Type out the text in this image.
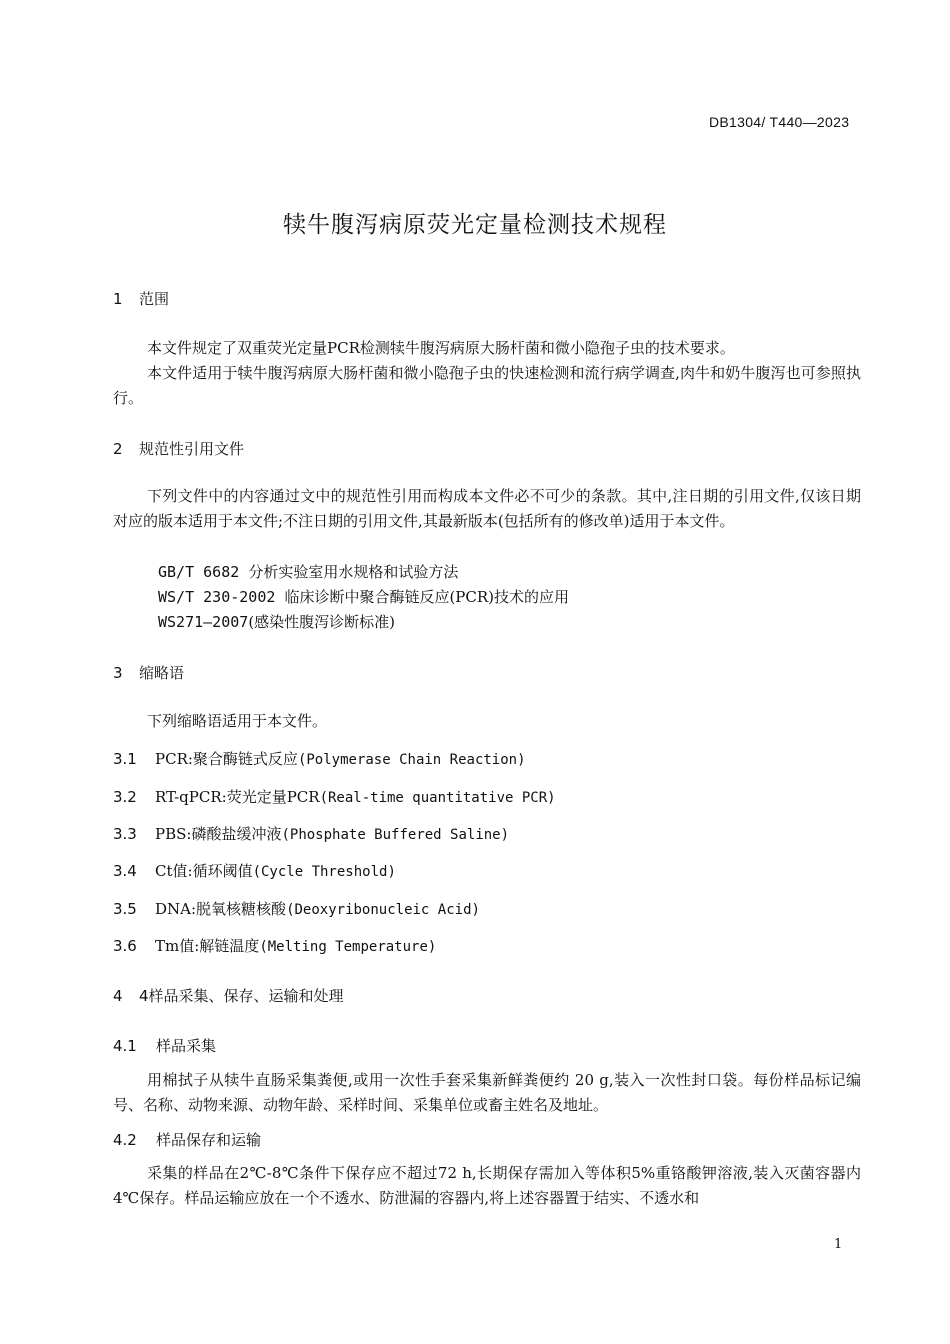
DB1304/ T440—2023
犊牛腹泻病原荧光定量检测技术规程
1 范围
本文件规定了双重荧光定量PCR检测犊牛腹泻病原大肠杆菌和微小隐孢子虫的技术要求。
本文件适用于犊牛腹泻病原大肠杆菌和微小隐孢子虫的快速检测和流行病学调查,肉牛和奶牛腹泻也可参照执行。
2 规范性引用文件
下列文件中的内容通过文中的规范性引用而构成本文件必不可少的条款。其中,注日期的引用文件,仅该日期对应的版本适用于本文件;不注日期的引用文件,其最新版本(包括所有的修改单)适用于本文件。
GB/T 6682 分析实验室用水规格和试验方法
WS/T 230-2002 临床诊断中聚合酶链反应(PCR)技术的应用
WS271—2007(感染性腹泻诊断标准)
3 缩略语
下列缩略语适用于本文件。
3.1 PCR:聚合酶链式反应(Polymerase Chain Reaction)
3.2 RT-qPCR:荧光定量PCR(Real-time quantitative PCR)
3.3 PBS:磷酸盐缓冲液(Phosphate Buffered Saline)
3.4 Ct值:循环阈值(Cycle Threshold)
3.5 DNA:脱氧核糖核酸(Deoxyribonucleic Acid)
3.6 Tm值:解链温度(Melting Temperature)
4 4样品采集、保存、运输和处理
4.1 样品采集
用棉拭子从犊牛直肠采集粪便,或用一次性手套采集新鲜粪便约 20 g,装入一次性封口袋。每份样品标记编号、名称、动物来源、动物年龄、采样时间、采集单位或畜主姓名及地址。
4.2 样品保存和运输
采集的样品在2℃-8℃条件下保存应不超过72 h,长期保存需加入等体积5%重铬酸钾溶液,装入灭菌容器内4℃保存。样品运输应放在一个不透水、防泄漏的容器内,将上述容器置于结实、不透水和
1
